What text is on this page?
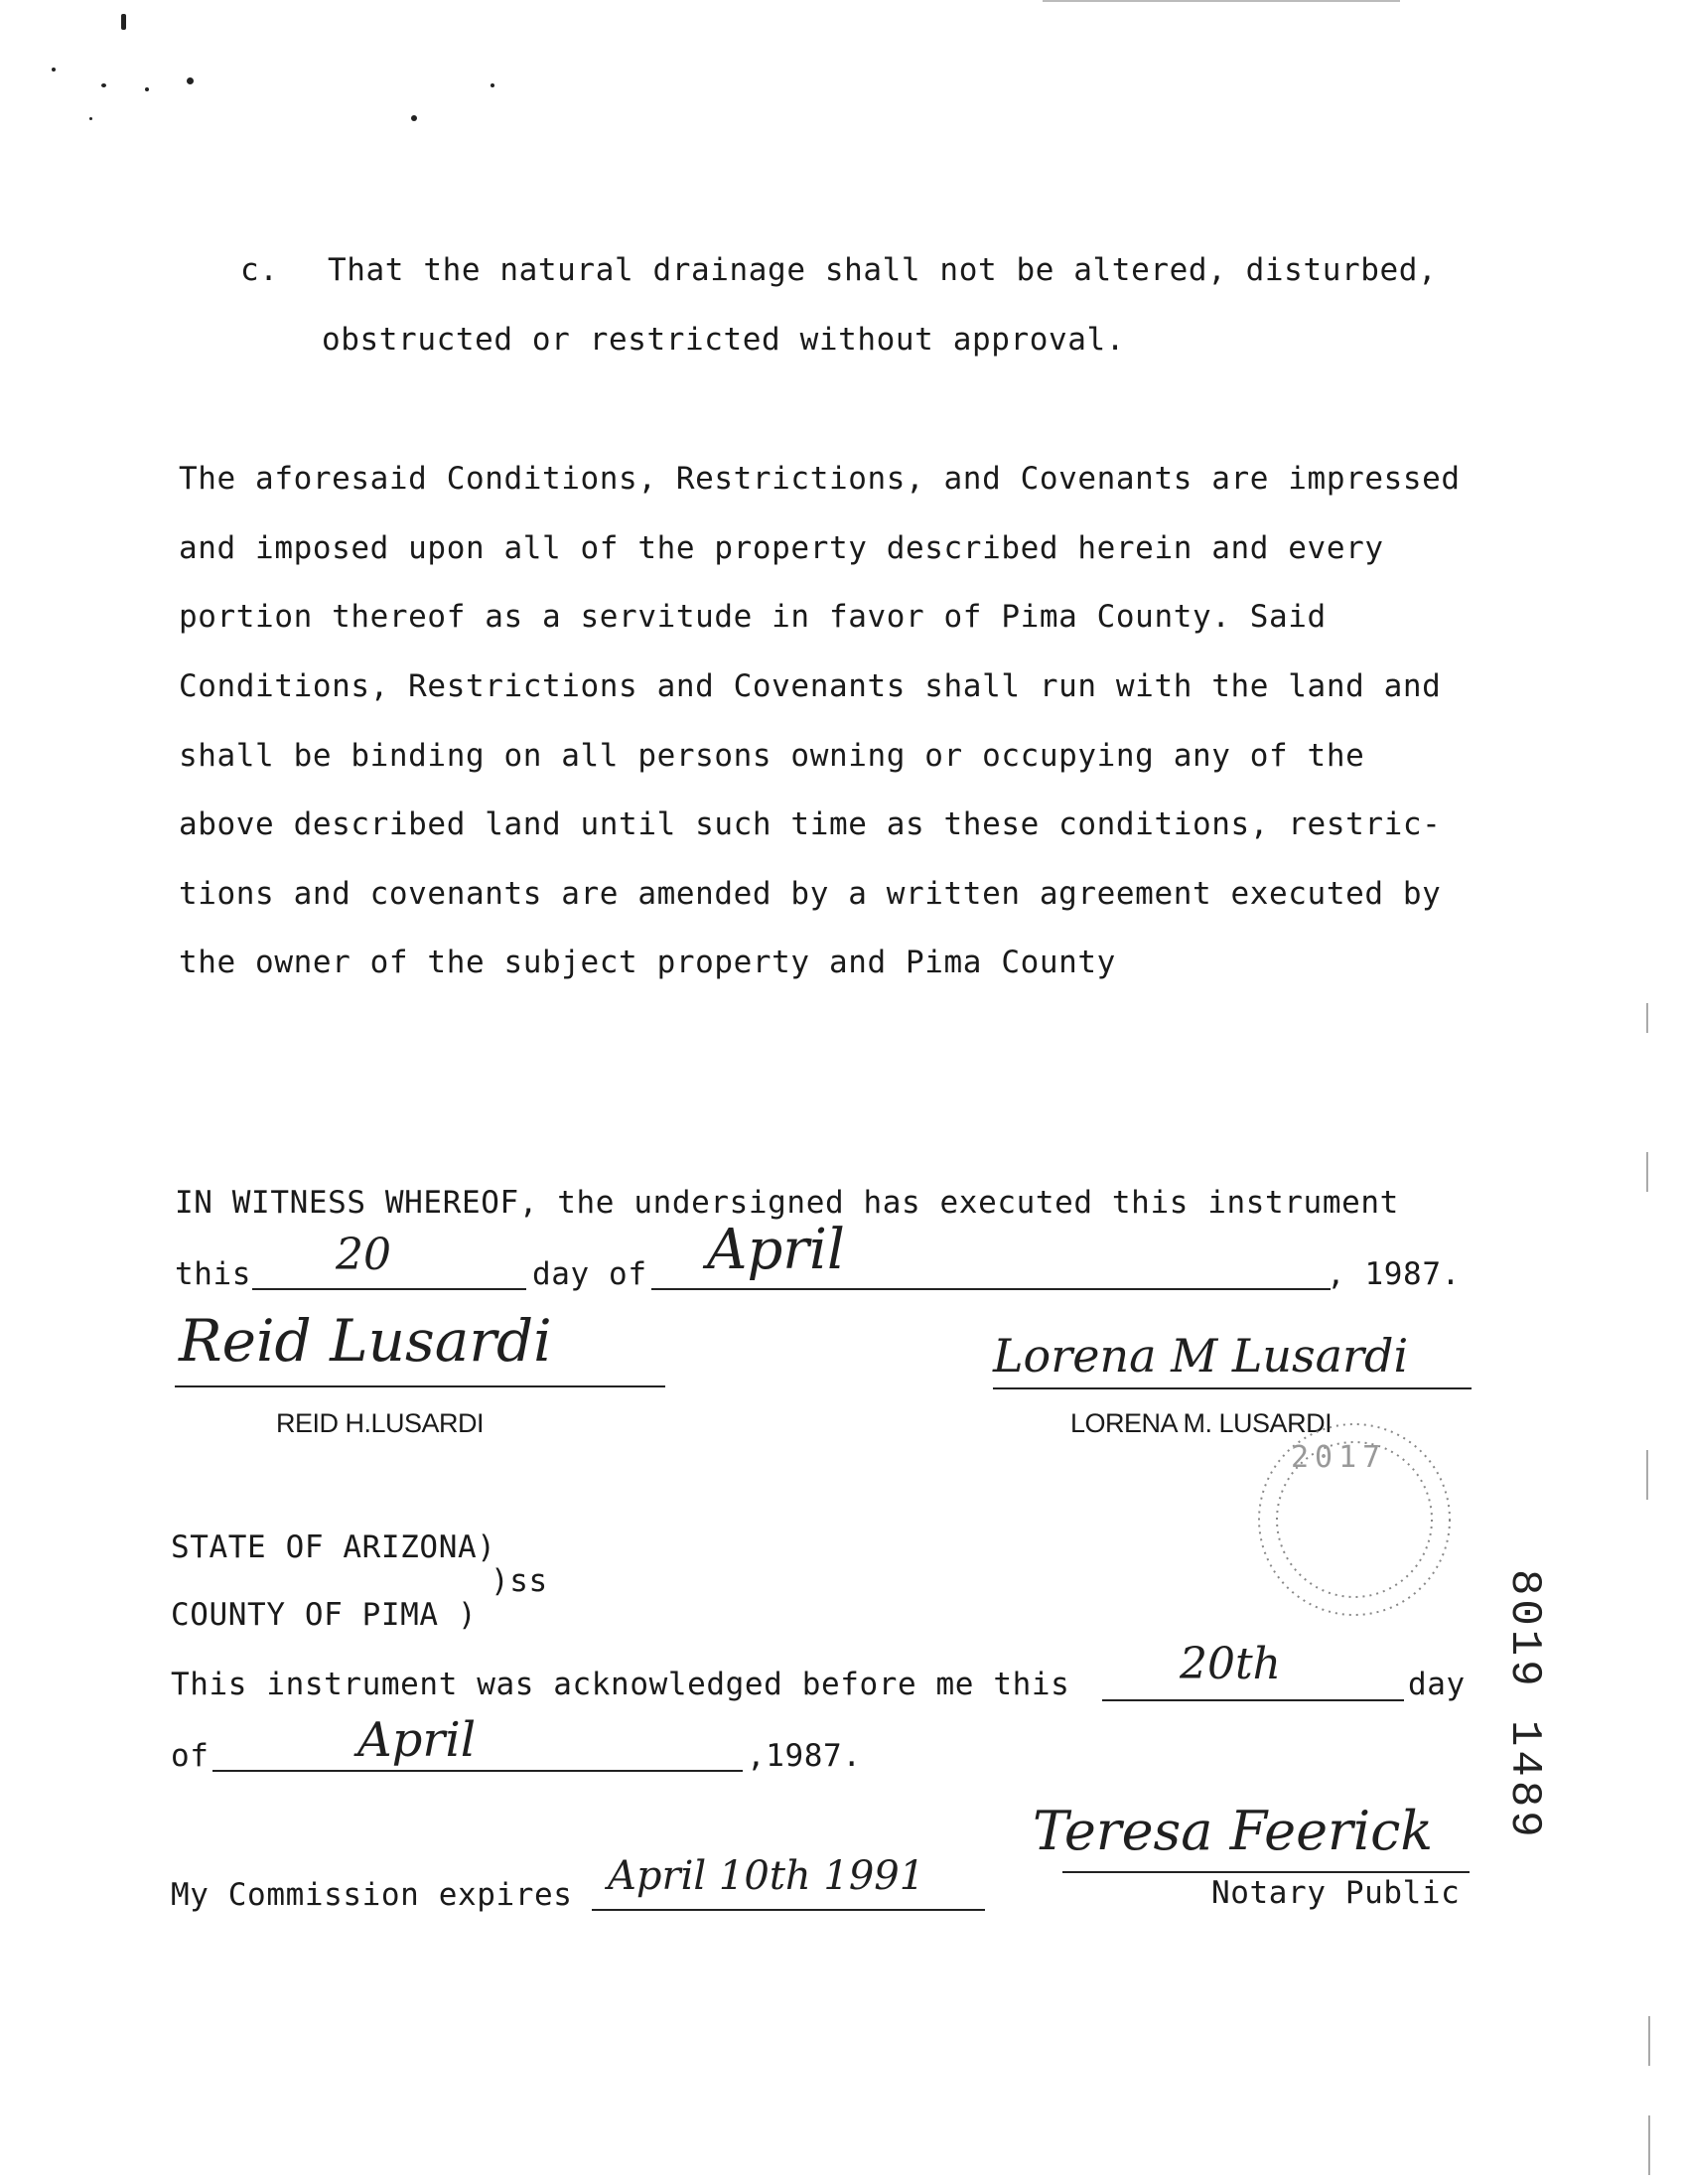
c. That the natural drainage shall not be altered, disturbed,
obstructed or restricted without approval.
The aforesaid Conditions, Restrictions, and Covenants are impressed
and imposed upon all of the property described herein and every
portion thereof as a servitude in favor of Pima County. Said
Conditions, Restrictions and Covenants shall run with the land and
shall be binding on all persons owning or occupying any of the
above described land until such time as these conditions, restric-
tions and covenants are amended by a written agreement executed by
the owner of the subject property and Pima County
IN WITNESS WHEREOF, the undersigned has executed this instrument
this 20	day of April	, 1987.
Reid Lusardi
REID H.LUSARDI
Lorena M Lusardi
LORENA M. LUSARDI
2017
STATE OF ARIZONA)
)ss
COUNTY OF PIMA )
This instrument was acknowledged before me this	20th	day
of	April	,1987.
My Commission expires April 10th 1991
Teresa Feerick
Notary Public
8019 1489
